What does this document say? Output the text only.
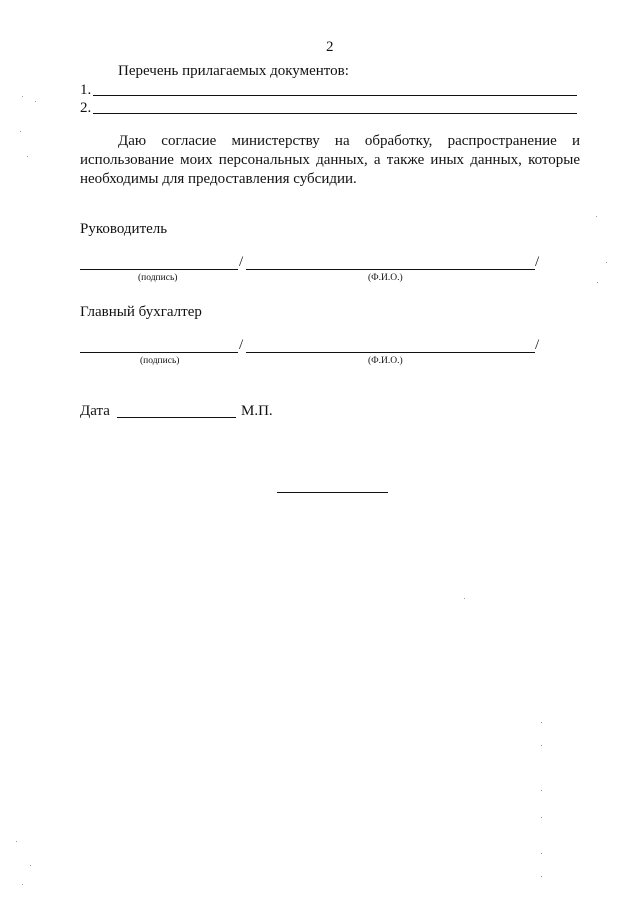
2
Перечень прилагаемых документов:
1.
2.
Даю согласие министерству на обработку, распространение и использование моих персональных данных, а также иных данных, которые необходимы для предоставления субсидии.
Руководитель
/	/
(подпись)	(Ф.И.О.)
Главный бухгалтер
/	/
(подпись)	(Ф.И.О.)
Дата	М.П.
